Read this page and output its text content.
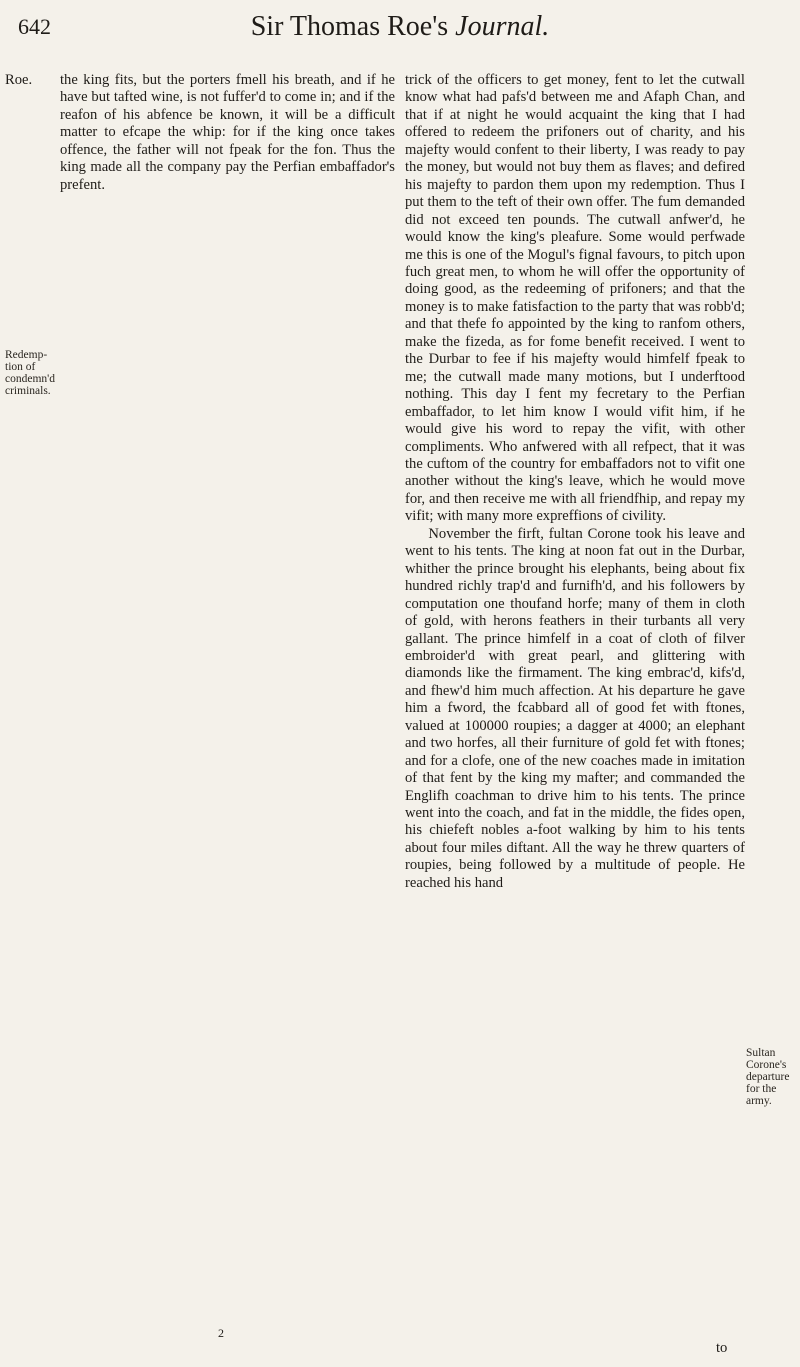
642	Sir Thomas Roe's Journal.
Roe.
Redemp-
tion of
condemn'd
criminals.
Sultan
Corone's
departure
for the
army.

the king fits, but the porters fmell his breath, and if he have but tafted wine, is not fuffer'd to come in; and if the reafon of his abfence be known, it will be a difficult matter to efcape the whip: for if the king once takes offence, the father will not fpeak for the fon. Thus the king made all the company pay the Perfian embaffador's prefent.

trick of the officers to get money, fent to let the cutwall know what had pafs'd between me and Afaph Chan, and that if at night he would acquaint the king that I had offered to redeem the prifoners out of charity, and his majefty would confent to their liberty, I was ready to pay the money, but would not buy them as flaves; and defired his majefty to pardon them upon my redemption. Thus I put them to the teft of their own offer. The fum demanded did not exceed ten pounds. The cutwall anfwer'd, he would know the king's pleafure. Some would perfwade me this is one of the Mogul's fignal favours, to pitch upon fuch great men, to whom he will offer the opportunity of doing good, as the redeeming of prifoners; and that the money is to make fatisfaction to the party that was robb'd; and that thefe fo appointed by the king to ranfom others, make the fizeda, as for fome benefit received. I went to the Durbar to fee if his majefty would himfelf fpeak to me; the cutwall made many motions, but I underftood nothing. This day I fent my fecretary to the Perfian embaffador, to let him know I would vifit him, if he would give his word to repay the vifit, with other compliments. Who anfwered with all refpect, that it was the cuftom of the country for embaffadors not to vifit one another without the king's leave, which he would move for, and then receive me with all friendfhip, and repay my vifit; with many more expreffions of civility.

November the firft, fultan Corone took his leave and went to his tents. The king at noon fat out in the Durbar, whither the prince brought his elephants, being about fix hundred richly trap'd and furnifh'd, and his followers by computation one thoufand horfe; many of them in cloth of gold, with herons feathers in their turbants all very gallant. The prince himfelf in a coat of cloth of filver embroider'd with great pearl, and glittering with diamonds like the firmament. The king embrac'd, kifs'd, and fhew'd him much affection. At his departure he gave him a fword, the fcabbard all of good fet with ftones, valued at 100000 roupies; a dagger at 4000; an elephant and two horfes, all their furniture of gold fet with ftones; and for a clofe, one of the new coaches made in imitation of that fent by the king my mafter; and commanded the Englifh coachman to drive him to his tents. The prince went into the coach, and fat in the middle, the fides open, his chiefeft nobles a-foot walking by him to his tents about four miles diftant. All the way he threw quarters of roupies, being followed by a multitude of people. He reached his hand

2
to
